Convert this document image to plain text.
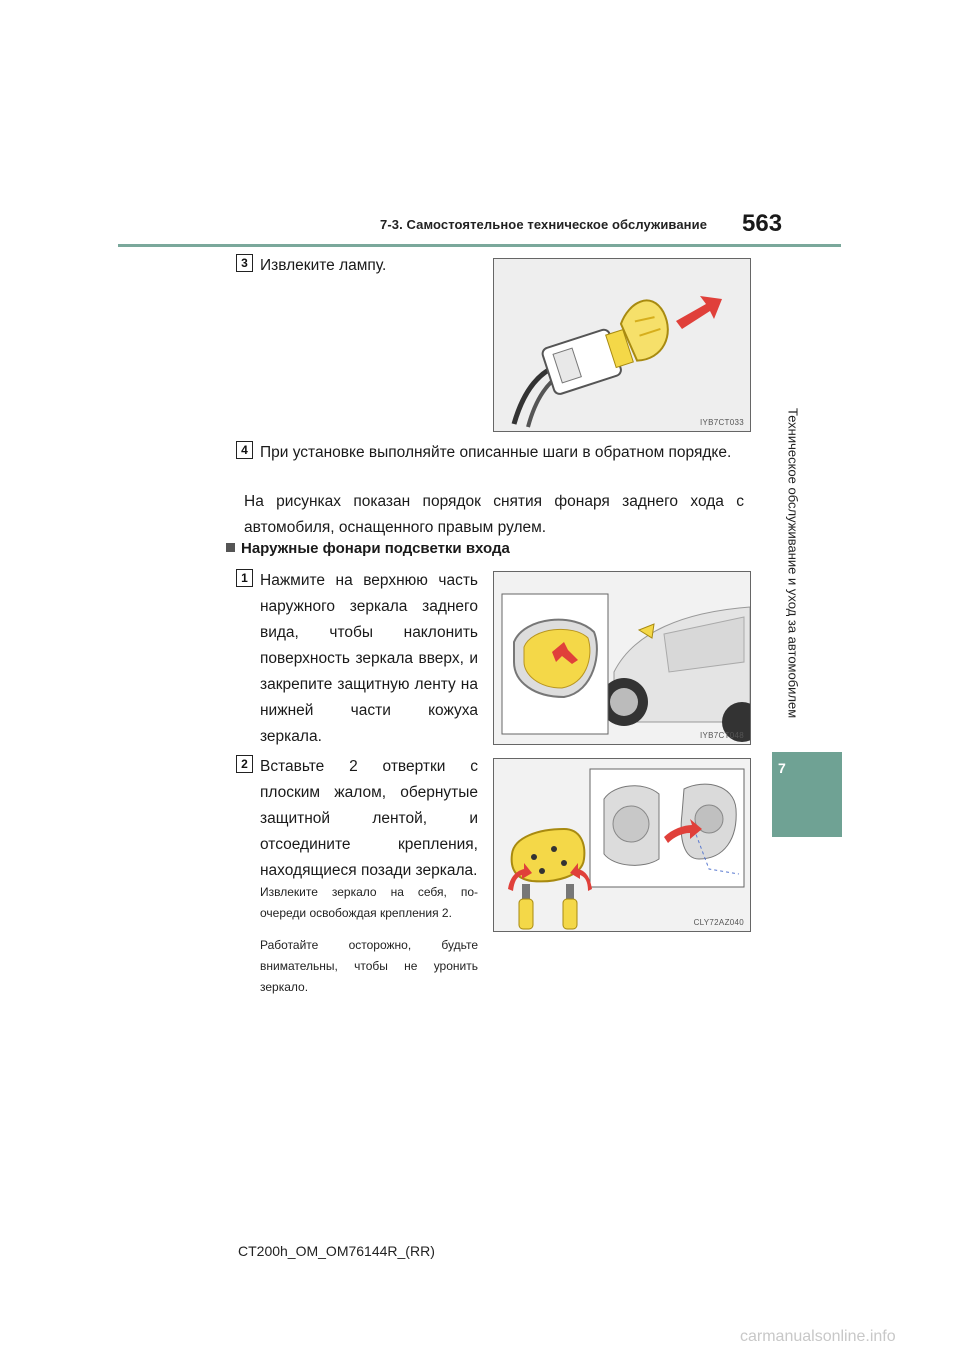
7-3. Самостоятельное техническое обслуживание 563
Техническое обслуживание и уход за автомобилем
7
3 Извлеките лампу.
IYB7CT033
4 При установке выполняйте описанные шаги в обратном порядке.
На рисунках показан порядок снятия фонаря заднего хода с автомобиля, оснащенного правым рулем.
Наружные фонари подсветки входа
1 Нажмите на верхнюю часть наружного зеркала заднего вида, чтобы наклонить поверхность зеркала вверх, и закрепите защитную ленту на нижней части кожуха зеркала.	IYB7CT048
2 Вставьте 2 отвертки с плоским жалом, обернутые защитной лентой, и отсоедините крепления, находящиеся позади зеркала.
CLY72AZ040
Извлеките зеркало на себя, по-очереди освобождая крепления 2.
Работайте осторожно, будьте внимательны, чтобы не уронить зеркало.
CT200h_OM_OM76144R_(RR)
carmanualsonline.info
